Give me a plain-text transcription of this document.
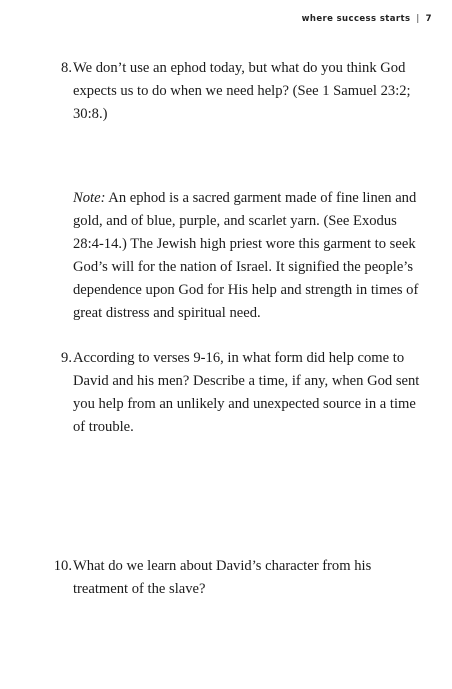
where success starts | 7
8. We don’t use an ephod today, but what do you think God expects us to do when we need help? (See 1 Samuel 23:2; 30:8.)

Note: An ephod is a sacred garment made of fine linen and gold, and of blue, purple, and scarlet yarn. (See Exodus 28:4-14.) The Jewish high priest wore this garment to seek God’s will for the nation of Israel. It signified the people’s dependence upon God for His help and strength in times of great distress and spiritual need.

9. According to verses 9-16, in what form did help come to David and his men? Describe a time, if any, when God sent you help from an unlikely and unexpected source in a time of trouble.
10. What do we learn about David’s character from his treatment of the slave?
